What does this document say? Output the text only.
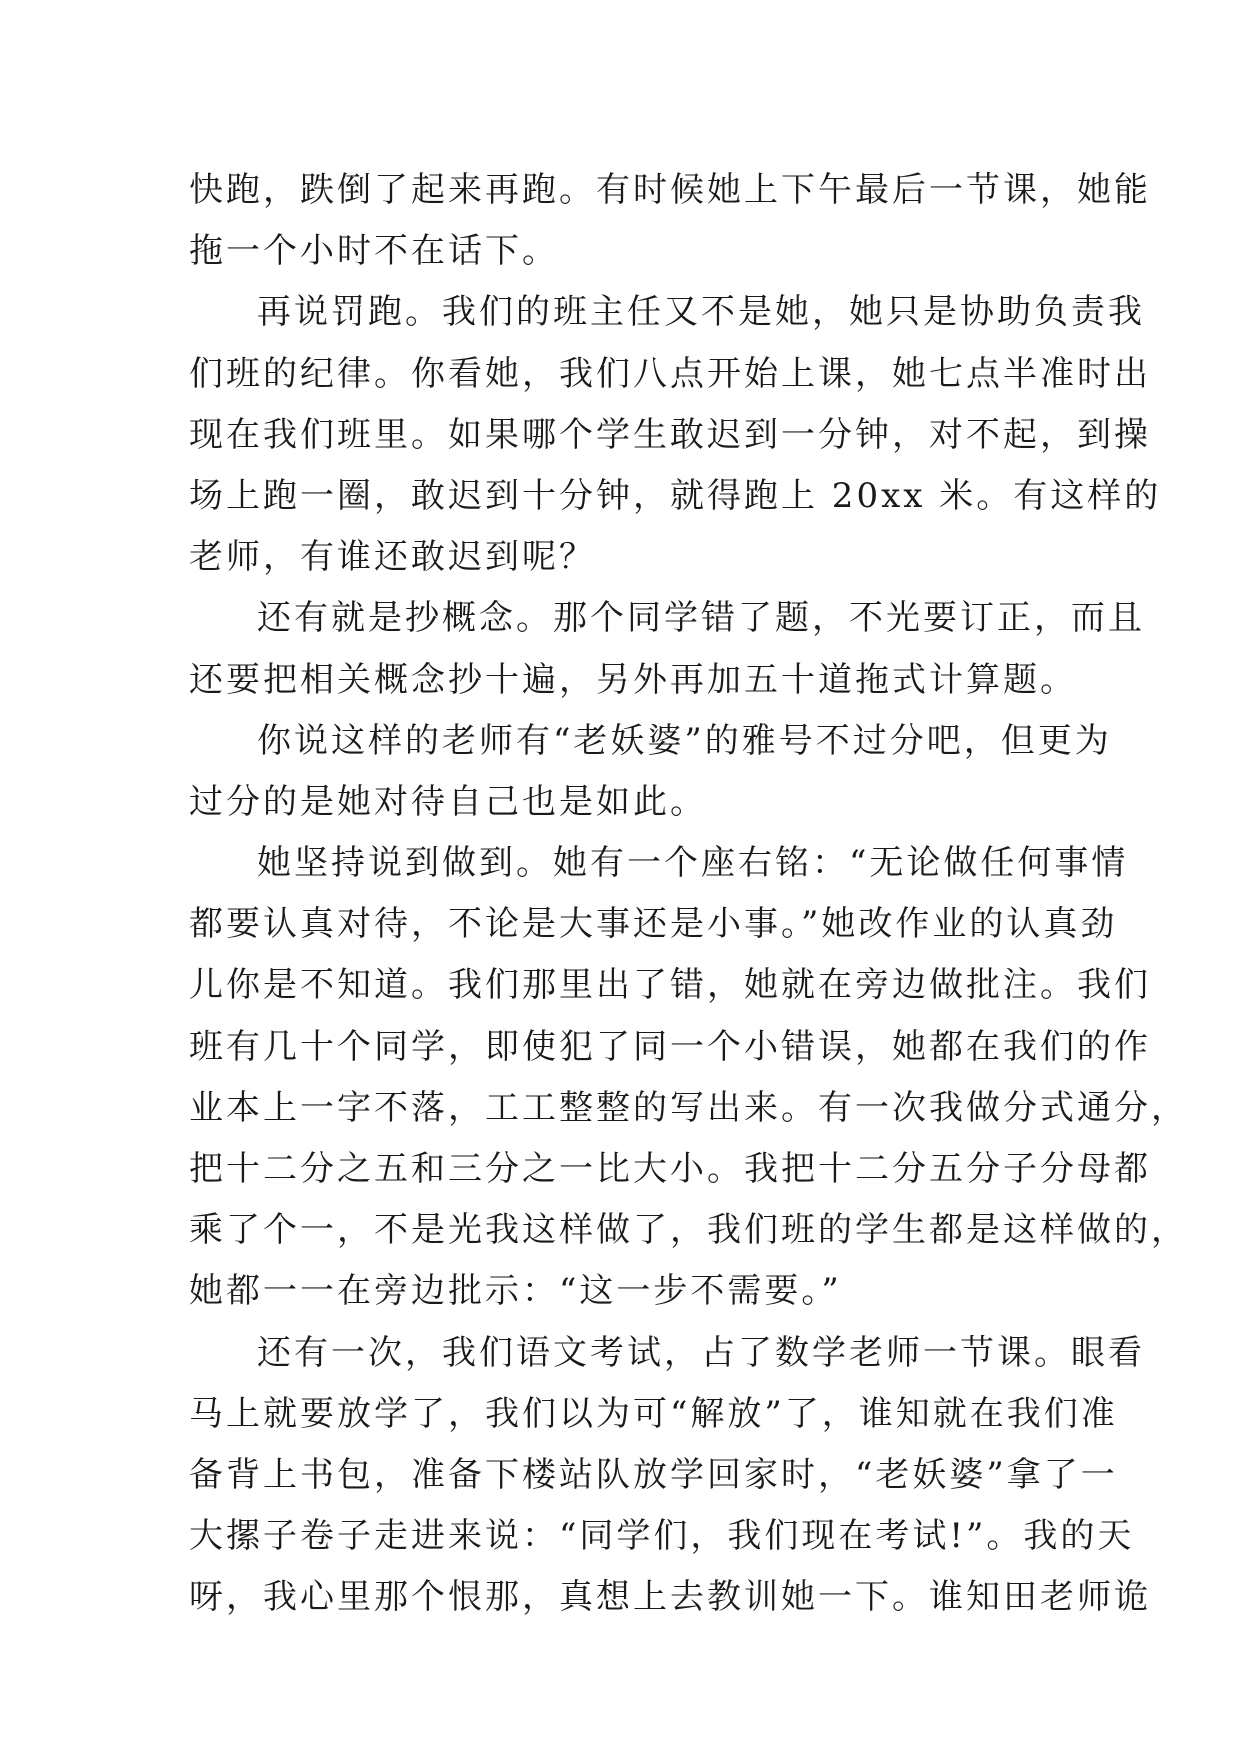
快跑，跌倒了起来再跑。有时候她上下午最后一节课，她能
拖一个小时不在话下。
再说罚跑。我们的班主任又不是她，她只是协助负责我
们班的纪律。你看她，我们八点开始上课，她七点半准时出
现在我们班里。如果哪个学生敢迟到一分钟，对不起，到操
场上跑一圈，敢迟到十分钟，就得跑上 20xx 米。有这样的
老师，有谁还敢迟到呢？
还有就是抄概念。那个同学错了题，不光要订正，而且
还要把相关概念抄十遍，另外再加五十道拖式计算题。
你说这样的老师有“老妖婆”的雅号不过分吧，但更为
过分的是她对待自己也是如此。
她坚持说到做到。她有一个座右铭：“无论做任何事情
都要认真对待，不论是大事还是小事。”她改作业的认真劲
儿你是不知道。我们那里出了错，她就在旁边做批注。我们
班有几十个同学，即使犯了同一个小错误，她都在我们的作
业本上一字不落，工工整整的写出来。有一次我做分式通分，
把十二分之五和三分之一比大小。我把十二分五分子分母都
乘了个一，不是光我这样做了，我们班的学生都是这样做的，
她都一一在旁边批示：“这一步不需要。”
还有一次，我们语文考试，占了数学老师一节课。眼看
马上就要放学了，我们以为可“解放”了，谁知就在我们准
备背上书包，准备下楼站队放学回家时，“老妖婆”拿了一
大摞子卷子走进来说：“同学们，我们现在考试!”。我的天
呀，我心里那个恨那，真想上去教训她一下。谁知田老师诡
